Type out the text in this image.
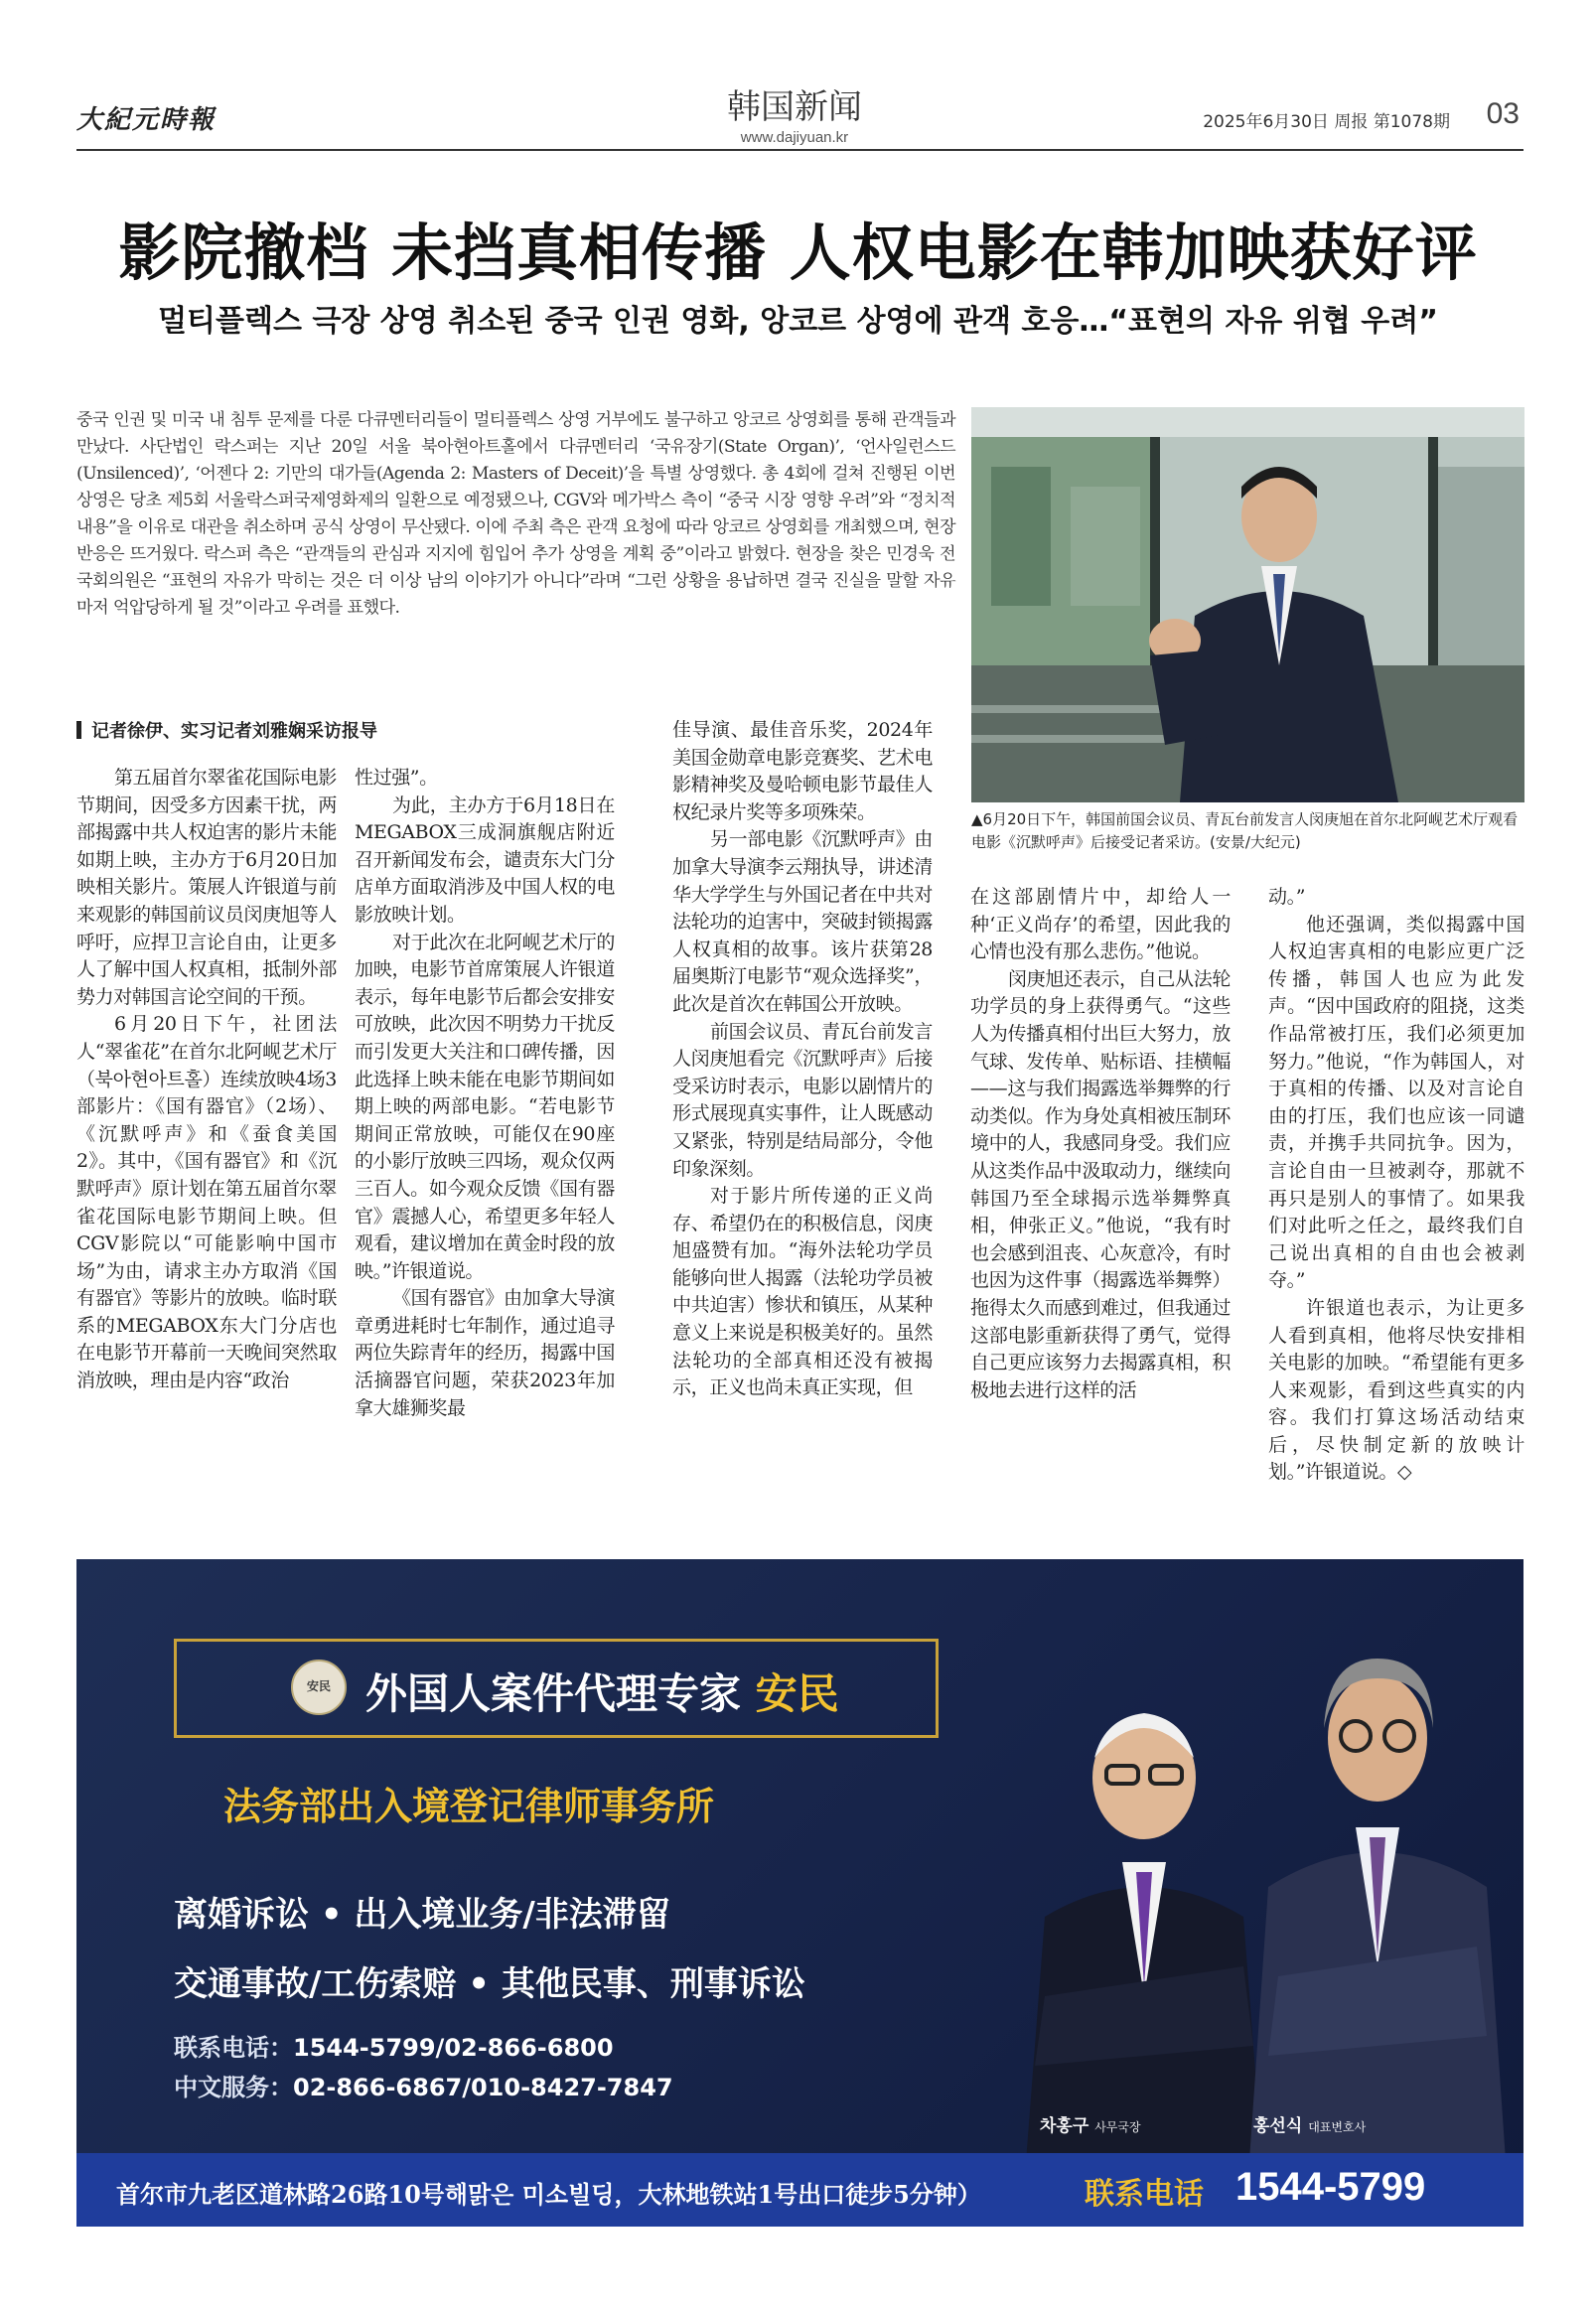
大紀元時報	韩国新闻
www.dajiyuan.kr
2025年6月30日 周报 第1078期	03
影院撤档 未挡真相传播 人权电影在韩加映获好评
멀티플렉스 극장 상영 취소된 중국 인권 영화, 앙코르 상영에 관객 호응…“표현의 자유 위협 우려”
중국 인권 및 미국 내 침투 문제를 다룬 다큐멘터리들이 멀티플렉스 상영 거부에도 불구하고 앙코르 상영회를 통해 관객들과 만났다. 사단법인 락스퍼는 지난 20일 서울 북아현아트홀에서 다큐멘터리 ‘국유장기(State Organ)’, ‘언사일런스드(Unsilenced)’, ‘어젠다 2: 기만의 대가들(Agenda 2: Masters of Deceit)’을 특별 상영했다. 총 4회에 걸쳐 진행된 이번 상영은 당초 제5회 서울락스퍼국제영화제의 일환으로 예정됐으나, CGV와 메가박스 측이 “중국 시장 영향 우려”와 “정치적 내용”을 이유로 대관을 취소하며 공식 상영이 무산됐다. 이에 주최 측은 관객 요청에 따라 앙코르 상영회를 개최했으며, 현장 반응은 뜨거웠다. 락스퍼 측은 “관객들의 관심과 지지에 힘입어 추가 상영을 계획 중”이라고 밝혔다. 현장을 찾은 민경욱 전 국회의원은 “표현의 자유가 막히는 것은 더 이상 남의 이야기가 아니다”라며 “그런 상황을 용납하면 결국 진실을 말할 자유마저 억압당하게 될 것”이라고 우려를 표했다.
▲6月20日下午，韩国前国会议员、青瓦台前发言人闵庚旭在首尔北阿岘艺术厅观看电影《沉默呼声》后接受记者采访。(安景/大纪元)
记者徐伊、实习记者刘雅娴采访报导

第五届首尔翠雀花国际电影节期间，因受多方因素干扰，两部揭露中共人权迫害的影片未能如期上映，主办方于6月20日加映相关影片。策展人许银道与前来观影的韩国前议员闵庚旭等人呼吁，应捍卫言论自由，让更多人了解中国人权真相，抵制外部势力对韩国言论空间的干预。

6月20日下午，社团法人“翠雀花”在首尔北阿岘艺术厅（북아현아트홀）连续放映4场3部影片：《国有器官》（2场）、《沉默呼声》和《蚕食美国2》。其中，《国有器官》和《沉默呼声》原计划在第五届首尔翠雀花国际电影节期间上映。但CGV影院以“可能影响中国市场”为由，请求主办方取消《国有器官》等影片的放映。临时联系的MEGABOX东大门分店也在电影节开幕前一天晚间突然取消放映，理由是内容“政治

性过强”。

为此，主办方于6月18日在MEGABOX三成洞旗舰店附近召开新闻发布会，谴责东大门分店单方面取消涉及中国人权的电影放映计划。

对于此次在北阿岘艺术厅的加映，电影节首席策展人许银道表示，每年电影节后都会安排安可放映，此次因不明势力干扰反而引发更大关注和口碑传播，因此选择上映未能在电影节期间如期上映的两部电影。“若电影节期间正常放映，可能仅在90座的小影厅放映三四场，观众仅两三百人。如今观众反馈《国有器官》震撼人心，希望更多年轻人观看，建议增加在黄金时段的放映。”许银道说。

《国有器官》由加拿大导演章勇进耗时七年制作，通过追寻两位失踪青年的经历，揭露中国活摘器官问题，荣获2023年加拿大雄狮奖最

佳导演、最佳音乐奖，2024年美国金勋章电影竞赛奖、艺术电影精神奖及曼哈顿电影节最佳人权纪录片奖等多项殊荣。

另一部电影《沉默呼声》由加拿大导演李云翔执导，讲述清华大学学生与外国记者在中共对法轮功的迫害中，突破封锁揭露人权真相的故事。该片获第28届奥斯汀电影节“观众选择奖”，此次是首次在韩国公开放映。

前国会议员、青瓦台前发言人闵庚旭看完《沉默呼声》后接受采访时表示，电影以剧情片的形式展现真实事件，让人既感动又紧张，特别是结局部分，令他印象深刻。

对于影片所传递的正义尚存、希望仍在的积极信息，闵庚旭盛赞有加。“海外法轮功学员能够向世人揭露（法轮功学员被中共迫害）惨状和镇压，从某种意义上来说是积极美好的。虽然法轮功的全部真相还没有被揭示，正义也尚未真正实现，但

在这部剧情片中，却给人一种‘正义尚存’的希望，因此我的心情也没有那么悲伤。”他说。

闵庚旭还表示，自己从法轮功学员的身上获得勇气。“这些人为传播真相付出巨大努力，放气球、发传单、贴标语、挂横幅——这与我们揭露选举舞弊的行动类似。作为身处真相被压制环境中的人，我感同身受。我们应从这类作品中汲取动力，继续向韩国乃至全球揭示选举舞弊真相，伸张正义。”他说，“我有时也会感到沮丧、心灰意冷，有时也因为这件事（揭露选举舞弊）拖得太久而感到难过，但我通过这部电影重新获得了勇气，觉得自己更应该努力去揭露真相，积极地去进行这样的活

动。”

他还强调，类似揭露中国人权迫害真相的电影应更广泛传播，韩国人也应为此发声。“因中国政府的阻挠，这类作品常被打压，我们必须更加努力。”他说，“作为韩国人，对于真相的传播、以及对言论自由的打压，我们也应该一同谴责，并携手共同抗争。因为，言论自由一旦被剥夺，那就不再只是别人的事情了。如果我们对此听之任之，最终我们自己说出真相的自由也会被剥夺。”

许银道也表示，为让更多人看到真相，他将尽快安排相关电影的加映。“希望能有更多人来观影，看到这些真实的内容。我们打算这场活动结束后，尽快制定新的放映计划。”许银道说。◇

安民 外国人案件代理专家 安民
法务部出入境登记律师事务所
离婚诉讼 • 出入境业务/非法滞留
交通事故/工伤索赔 • 其他民事、刑事诉讼
联系电话：1544-5799/02-866-6800
中文服务：02-866-6867/010-8427-7847
차홍구 사무국장	홍선식 대표변호사
首尔市九老区道林路26路10号해맑은 미소빌딩，大林地铁站1号出口徒步5分钟）	联系电话 1544-5799
